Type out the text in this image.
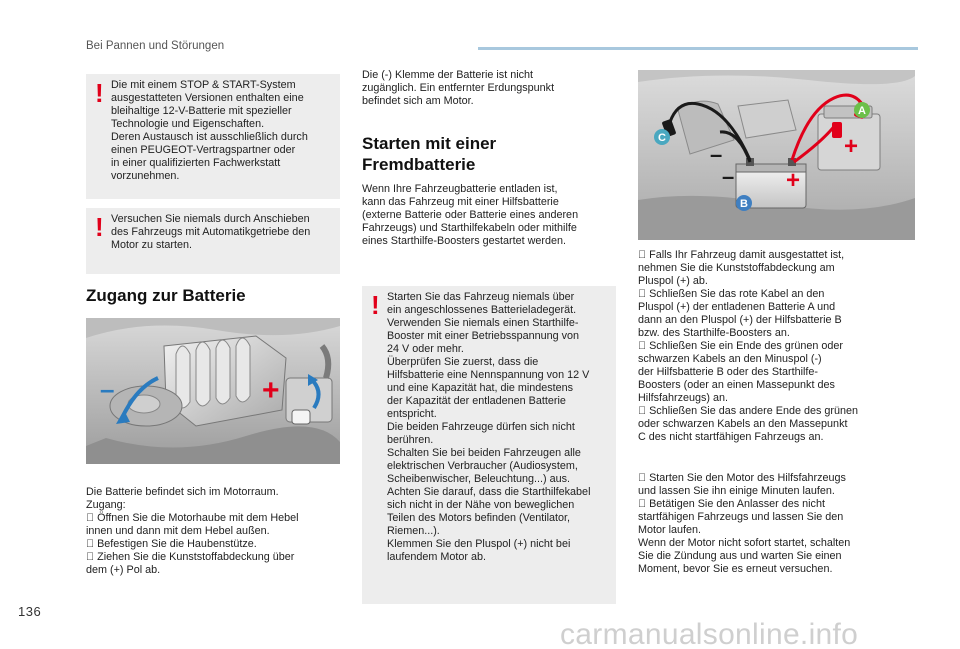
Bei Pannen und Störungen
! Die mit einem STOP & START-System
ausgestatteten Versionen enthalten eine
bleihaltige 12-V-Batterie mit spezieller
Technologie und Eigenschaften.
Deren Austausch ist ausschließlich durch
einen PEUGEOT-Vertragspartner oder
in einer qualifizierten Fachwerkstatt
vorzunehmen.
! Versuchen Sie niemals durch Anschieben
des Fahrzeugs mit Automatikgetriebe den
Motor zu starten.
Zugang zur Batterie
–	+
Die Batterie befindet sich im Motorraum.
Zugang:
Öffnen Sie die Motorhaube mit dem Hebel
innen und dann mit dem Hebel außen.
Befestigen Sie die Haubenstütze.
Ziehen Sie die Kunststoffabdeckung über
dem (+) Pol ab.
Die (-) Klemme der Batterie ist nicht
zugänglich. Ein entfernter Erdungspunkt
befindet sich am Motor.
Starten mit einer
Fremdbatterie
Wenn Ihre Fahrzeugbatterie entladen ist,
kann das Fahrzeug mit einer Hilfsbatterie
(externe Batterie oder Batterie eines anderen
Fahrzeugs) und Starthilfekabeln oder mithilfe
eines Starthilfe-Boosters gestartet werden.
! Starten Sie das Fahrzeug niemals über
ein angeschlossenes Batterieladegerät.
Verwenden Sie niemals einen Starthilfe-
Booster mit einer Betriebsspannung von
24 V oder mehr.
Überprüfen Sie zuerst, dass die
Hilfsbatterie eine Nennspannung von 12 V
und eine Kapazität hat, die mindestens
der Kapazität der entladenen Batterie
entspricht.
Die beiden Fahrzeuge dürfen sich nicht
berühren.
Schalten Sie bei beiden Fahrzeugen alle
elektrischen Verbraucher (Audiosystem,
Scheibenwischer, Beleuchtung...) aus.
Achten Sie darauf, dass die Starthilfekabel
sich nicht in der Nähe von beweglichen
Teilen des Motors befinden (Ventilator,
Riemen...).
Klemmen Sie den Pluspol (+) nicht bei
laufendem Motor ab.
–
–
+
+
A
B
C
Falls Ihr Fahrzeug damit ausgestattet ist,
nehmen Sie die Kunststoffabdeckung am
Pluspol (+) ab.
Schließen Sie das rote Kabel an den
Pluspol (+) der entladenen Batterie A und
dann an den Pluspol (+) der Hilfsbatterie B
bzw. des Starthilfe-Boosters an.
Schließen Sie ein Ende des grünen oder
schwarzen Kabels an den Minuspol (-)
der Hilfsbatterie B oder des Starthilfe-
Boosters (oder an einen Massepunkt des
Hilfsfahrzeugs) an.
Schließen Sie das andere Ende des grünen
oder schwarzen Kabels an den Massepunkt
C des nicht startfähigen Fahrzeugs an.
Starten Sie den Motor des Hilfsfahrzeugs
und lassen Sie ihn einige Minuten laufen.
Betätigen Sie den Anlasser des nicht
startfähigen Fahrzeugs und lassen Sie den
Motor laufen.
Wenn der Motor nicht sofort startet, schalten
Sie die Zündung aus und warten Sie einen
Moment, bevor Sie es erneut versuchen.
136
carmanualsonline.info
